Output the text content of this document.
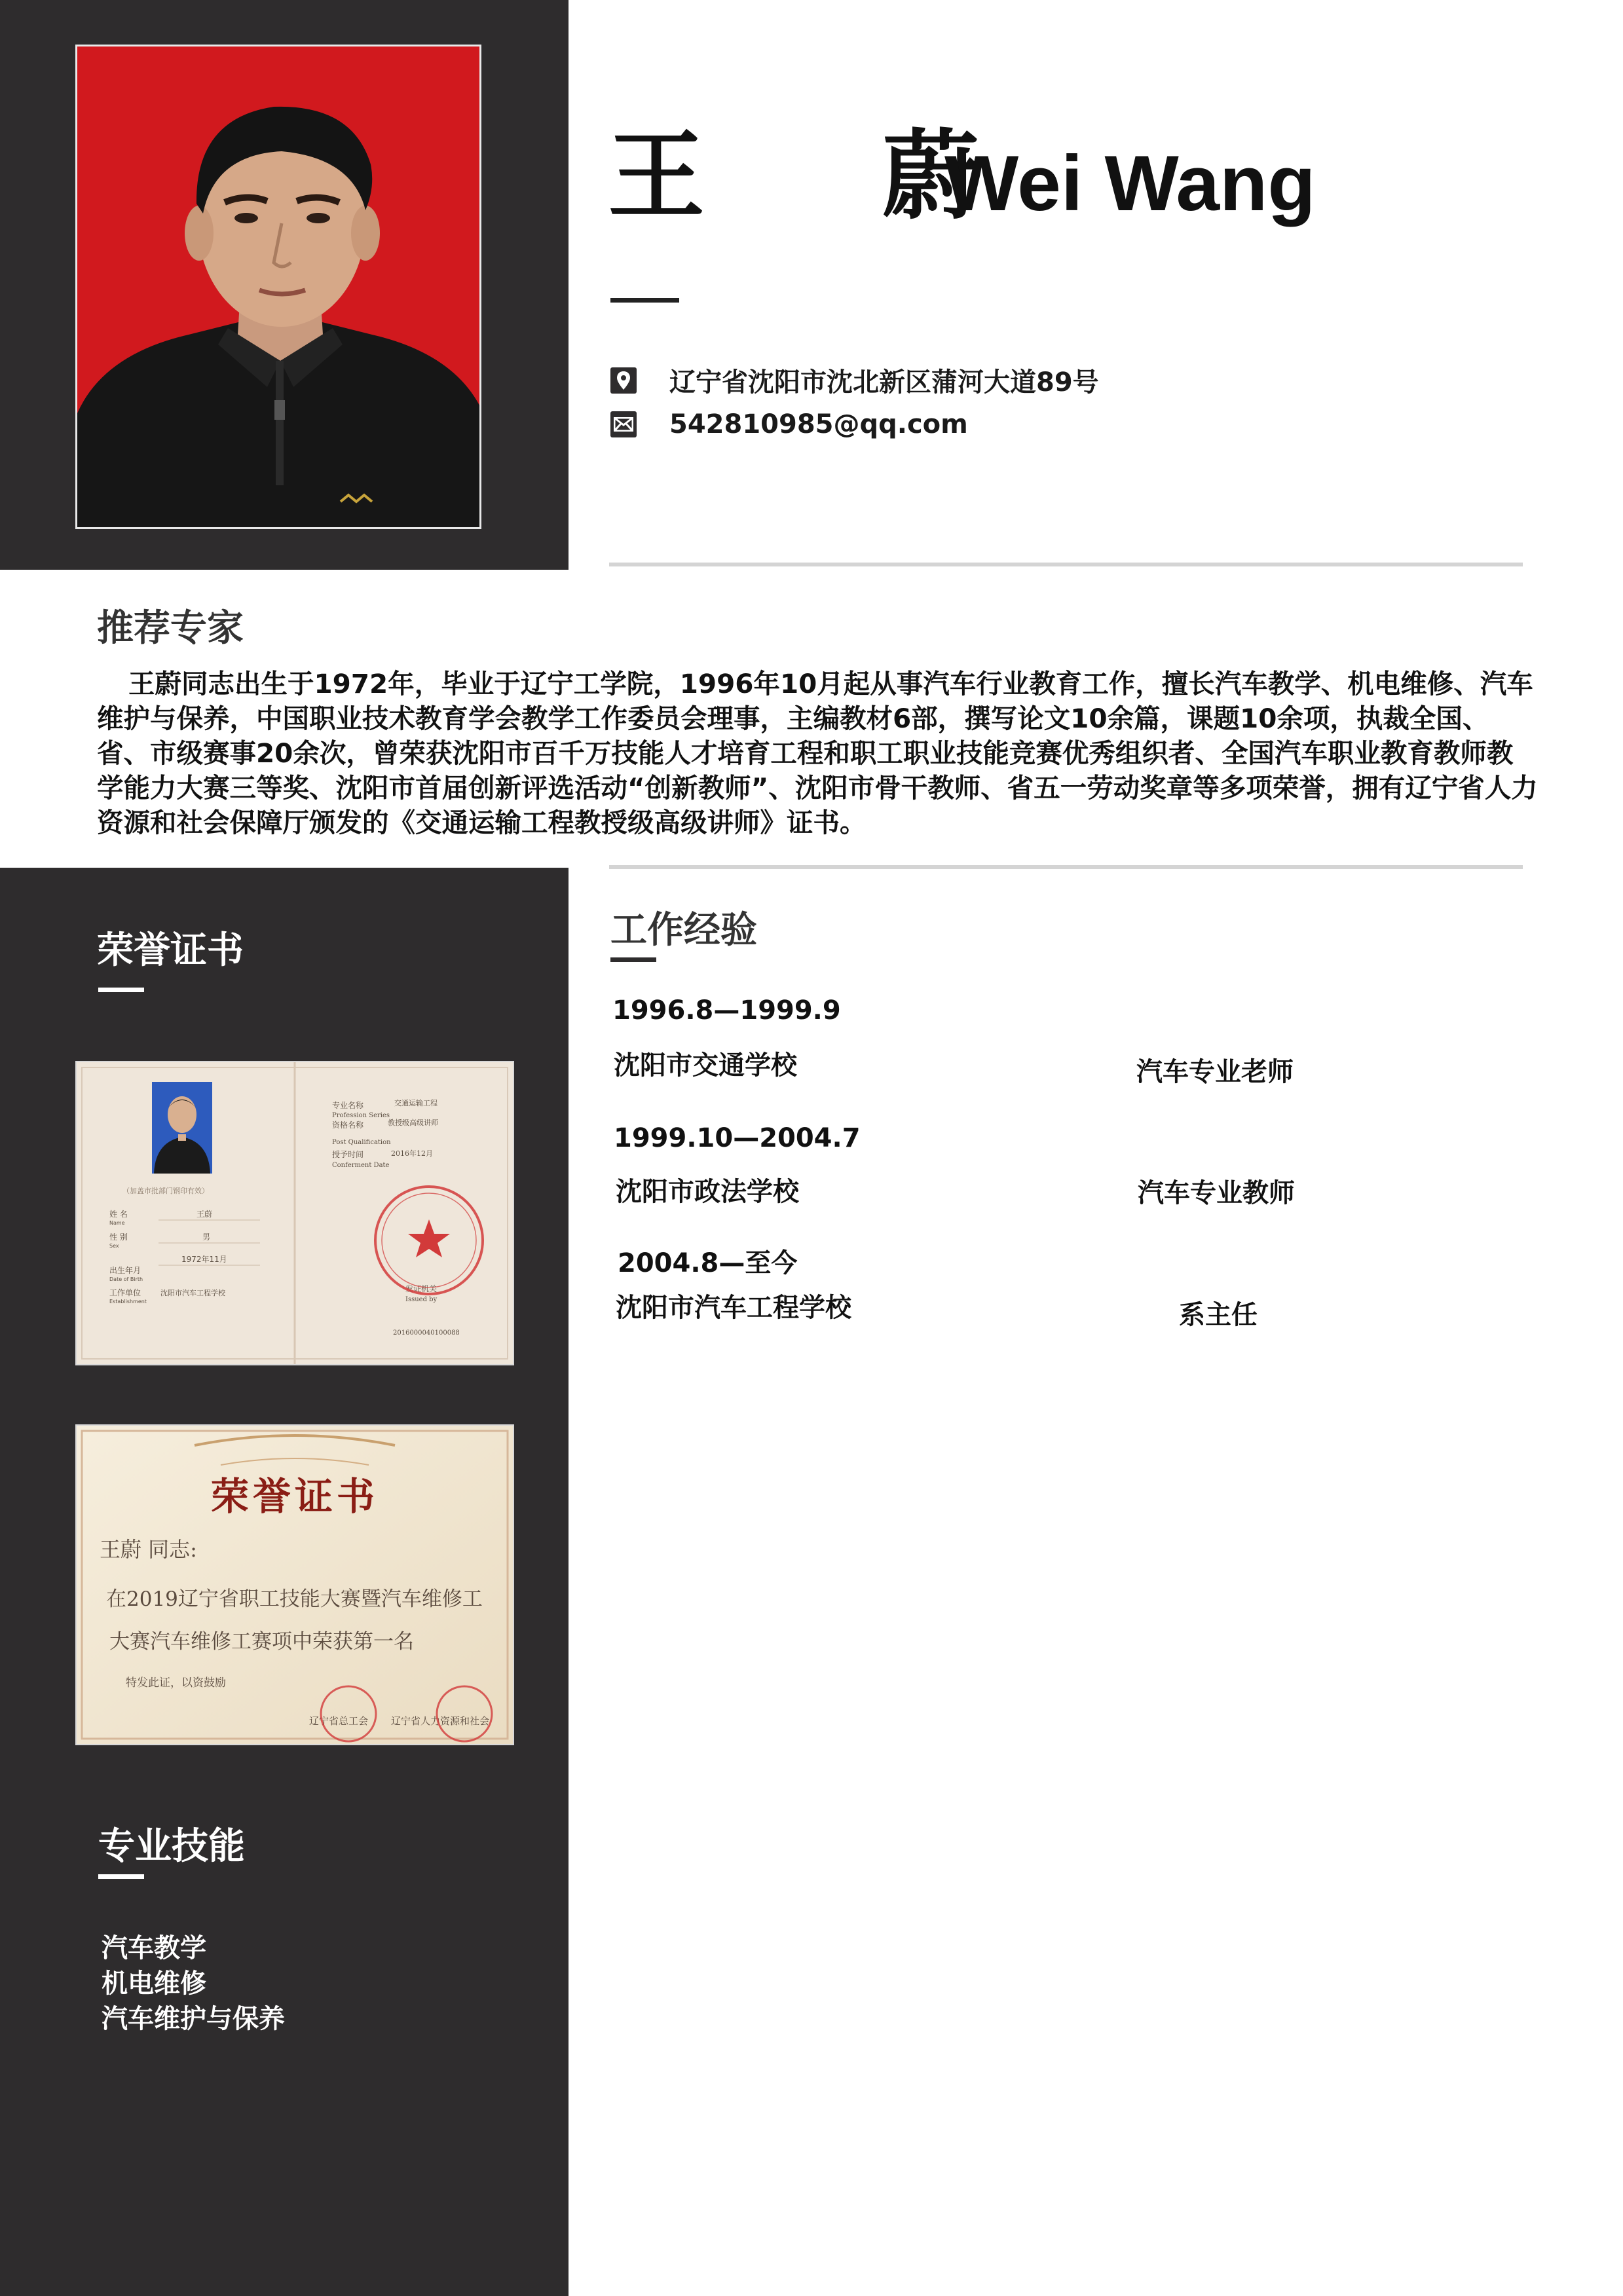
王 蔚
Wei Wang
辽宁省沈阳市沈北新区蒲河大道89号
542810985@qq.com
推荐专家
王蔚同志出生于1972年，毕业于辽宁工学院，1996年10月起从事汽车行业教育工作，擅长汽车教学、机电维修、汽车维护与保养，中国职业技术教育学会教学工作委员会理事，主编教材6部，撰写论文10余篇，课题10余项，执裁全国、省、市级赛事20余次，曾荣获沈阳市百千万技能人才培育工程和职工职业技能竞赛优秀组织者、全国汽车职业教育教师教学能力大赛三等奖、沈阳市首届创新评选活动“创新教师”、沈阳市骨干教师、省五一劳动奖章等多项荣誉，拥有辽宁省人力资源和社会保障厅颁发的《交通运输工程教授级高级讲师》证书。
荣誉证书
（加盖市批部门钢印有效）
姓 名
Name
王蔚
性 别
Sex
男
出生年月
Date of Birth
1972年11月
工作单位
Establishment
沈阳市汽车工程学校
专业名称	交通运输工程
Profession Series
资格名称	教授级高级讲师
Post Qualification
授予时间	2016年12月
Conferment Date
发证机关
Issued by
2016000040100088
荣誉证书
王蔚 同志:
在2019辽宁省职工技能大赛暨汽车维修工
大赛汽车维修工赛项中荣获第一名
特发此证，以资鼓励
辽宁省总工会 辽宁省人力资源和社会
专业技能
汽车教学
机电维修
汽车维护与保养
工作经验
1996.8—1999.9
沈阳市交通学校	汽车专业老师
1999.10—2004.7
沈阳市政法学校	汽车专业教师
2004.8—至今
沈阳市汽车工程学校	系主任
